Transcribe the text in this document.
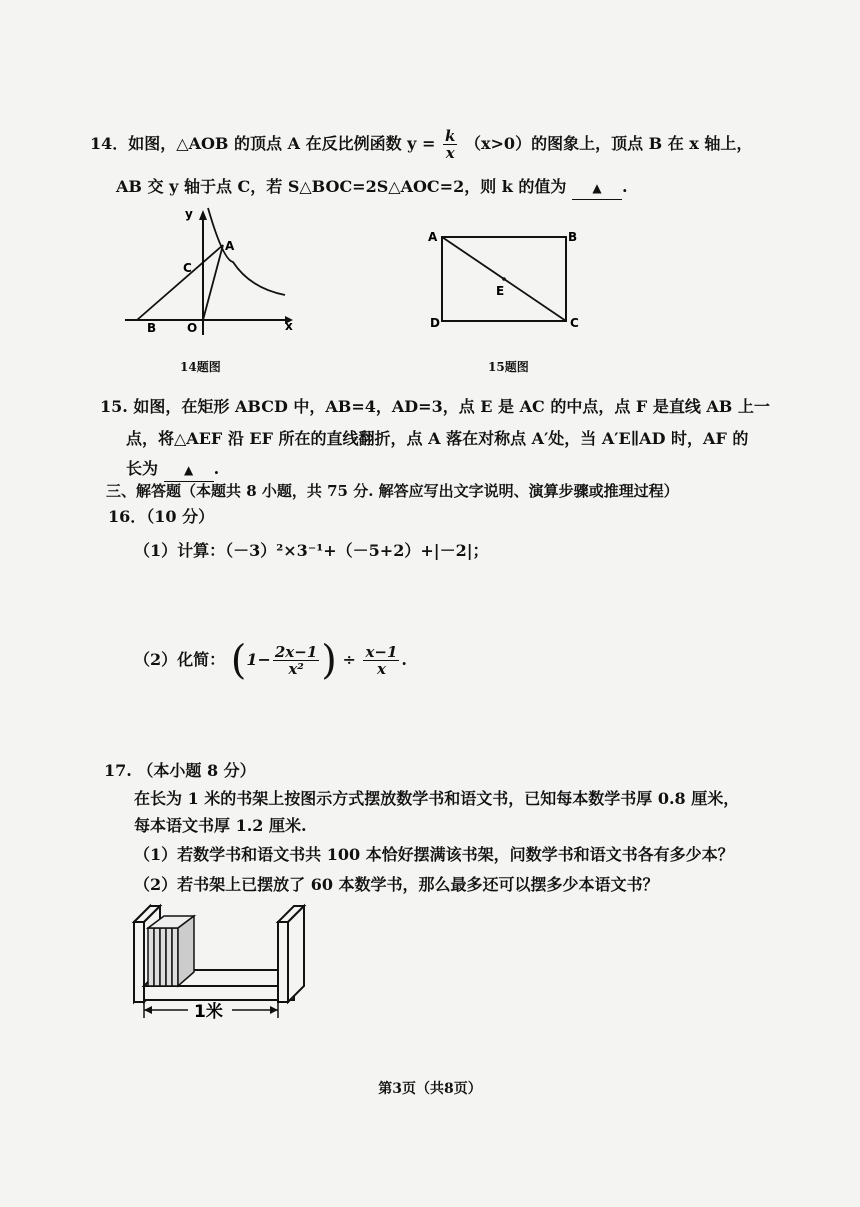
14．如图，△AOB 的顶点 A 在反比例函数 $y = \frac{k}{x} (x>0)$的图象上，顶点 B 在 x 轴上，
AB 交 y 轴于点 C，若 S△BOC=2S△AOC=2，则 k 的值为 ▲ .
y
x
A
C
B	O
14题图
A	B
D	C
E
15题图
15. 如图，在矩形 ABCD 中，AB=4，AD=3，点 E 是 AC 的中点，点 F 是直线 AB 上一
点，将△AEF 沿 EF 所在的直线翻折，点 A 落在对称点 A′处，当 A′E∥AD 时，AF 的
长为 ▲ .
三、解答题（本题共 8 小题，共 75 分. 解答应写出文字说明、演算步骤或推理过程）
16．（10 分）
（1）计算：（－3）²×3⁻¹+（－5+2）+|－2|；
（2）化简： ($1- \frac{2x-1}{\text{x²}}$ ) ÷ $\frac{x-1}{x}$ .
17. （本小题 8 分）
在长为 1 米的书架上按图示方式摆放数学书和语文书，已知每本数学书厚 0.8 厘米，
每本语文书厚 1.2 厘米.
（1）若数学书和语文书共 100 本恰好摆满该书架，问数学书和语文书各有多少本？
（2）若书架上已摆放了 60 本数学书，那么最多还可以摆多少本语文书？
1米
第3页（共8页）
